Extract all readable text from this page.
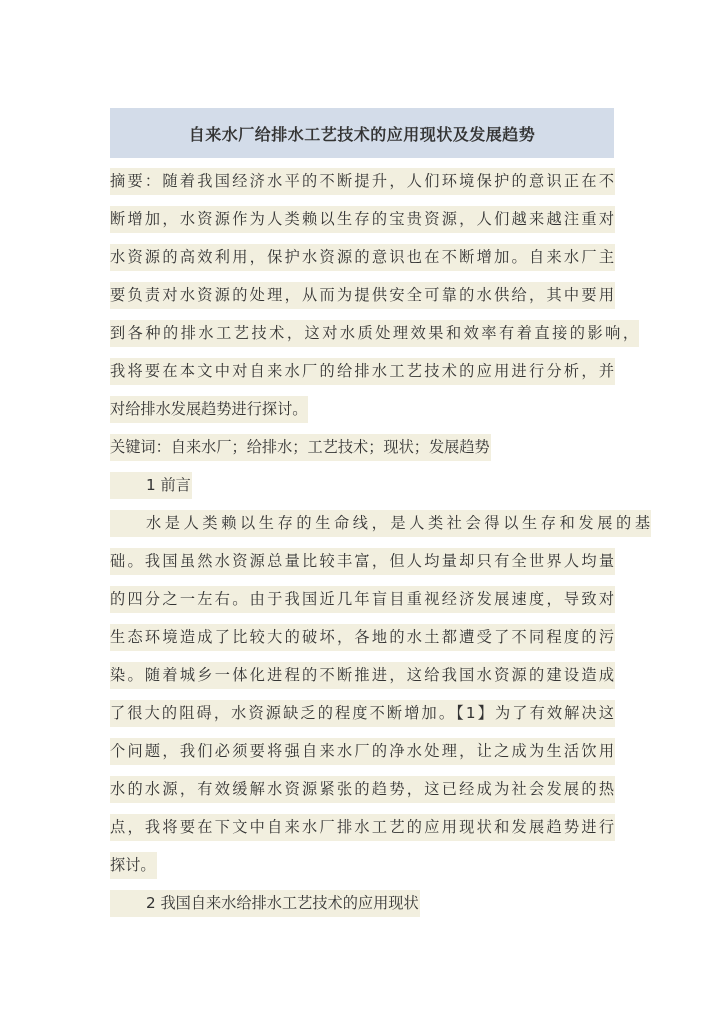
自来水厂给排水工艺技术的应用现状及发展趋势
摘要：随着我国经济水平的不断提升，人们环境保护的意识正在不
断增加，水资源作为人类赖以生存的宝贵资源，人们越来越注重对
水资源的高效利用，保护水资源的意识也在不断增加。自来水厂主
要负责对水资源的处理，从而为提供安全可靠的水供给，其中要用
到各种的排水工艺技术，这对水质处理效果和效率有着直接的影响，
我将要在本文中对自来水厂的给排水工艺技术的应用进行分析，并
对给排水发展趋势进行探讨。
关键词：自来水厂；给排水；工艺技术；现状；发展趋势
1 前言
水是人类赖以生存的生命线，是人类社会得以生存和发展的基
础。我国虽然水资源总量比较丰富，但人均量却只有全世界人均量
的四分之一左右。由于我国近几年盲目重视经济发展速度，导致对
生态环境造成了比较大的破坏，各地的水土都遭受了不同程度的污
染。随着城乡一体化进程的不断推进，这给我国水资源的建设造成
了很大的阻碍，水资源缺乏的程度不断增加。【1】为了有效解决这
个问题，我们必须要将强自来水厂的净水处理，让之成为生活饮用
水的水源，有效缓解水资源紧张的趋势，这已经成为社会发展的热
点，我将要在下文中自来水厂排水工艺的应用现状和发展趋势进行
探讨。
2 我国自来水给排水工艺技术的应用现状
